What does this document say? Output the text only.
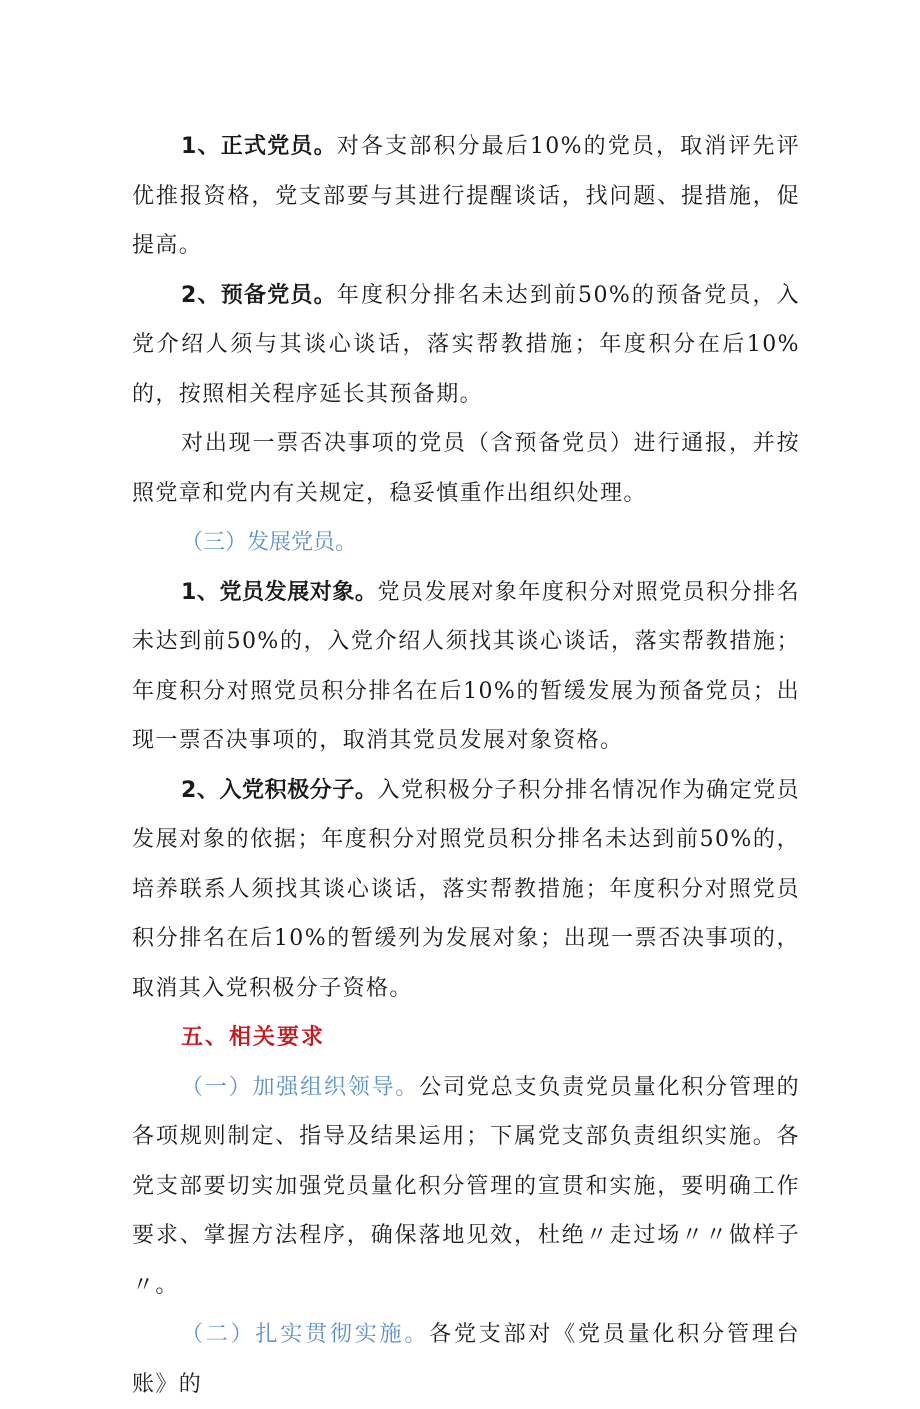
1、正式党员。对各支部积分最后10%的党员，取消评先评优推报资格，党支部要与其进行提醒谈话，找问题、提措施，促提高。

2、预备党员。年度积分排名未达到前50%的预备党员，入党介绍人须与其谈心谈话，落实帮教措施；年度积分在后10%的，按照相关程序延长其预备期。

对出现一票否决事项的党员（含预备党员）进行通报，并按照党章和党内有关规定，稳妥慎重作出组织处理。

（三）发展党员。

1、党员发展对象。党员发展对象年度积分对照党员积分排名未达到前50%的，入党介绍人须找其谈心谈话，落实帮教措施；年度积分对照党员积分排名在后10%的暂缓发展为预备党员；出现一票否决事项的，取消其党员发展对象资格。

2、入党积极分子。入党积极分子积分排名情况作为确定党员发展对象的依据；年度积分对照党员积分排名未达到前50%的，培养联系人须找其谈心谈话，落实帮教措施；年度积分对照党员积分排名在后10%的暂缓列为发展对象；出现一票否决事项的，取消其入党积极分子资格。

五、相关要求

（一）加强组织领导。公司党总支负责党员量化积分管理的各项规则制定、指导及结果运用；下属党支部负责组织实施。各党支部要切实加强党员量化积分管理的宣贯和实施，要明确工作要求、掌握方法程序，确保落地见效，杜绝〃走过场〃〃做样子〃。

（二）扎实贯彻实施。各党支部对《党员量化积分管理台账》的
